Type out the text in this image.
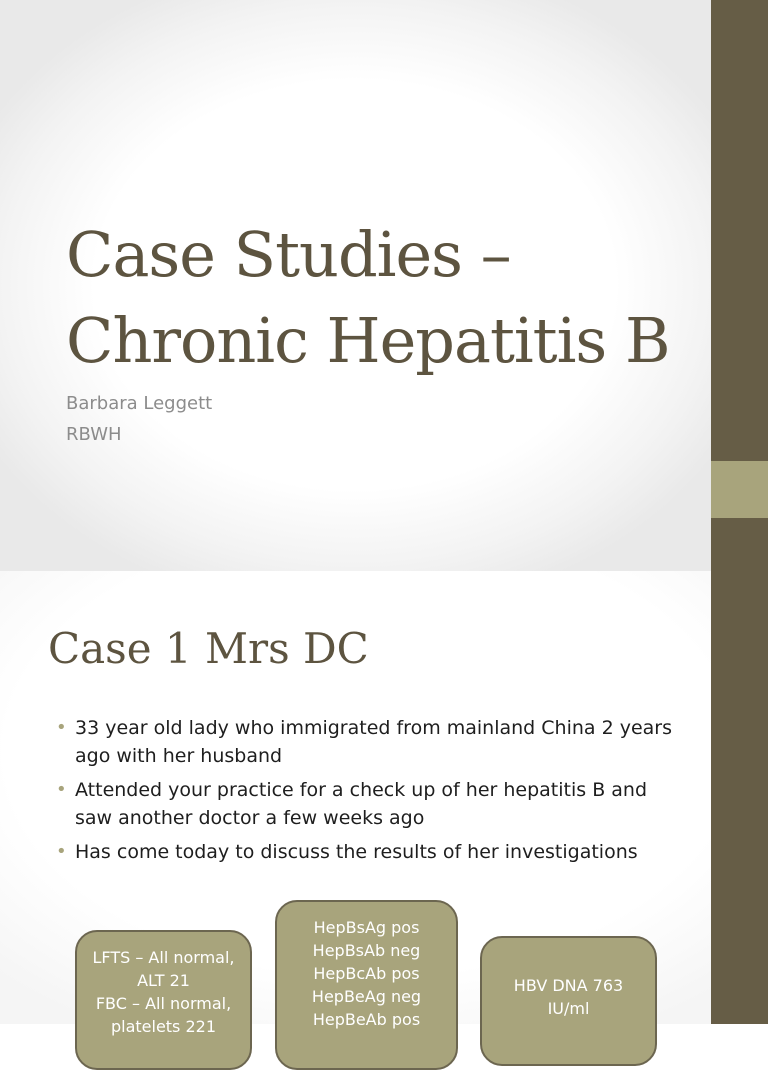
Case Studies –
Chronic Hepatitis B
Barbara Leggett
RBWH
Case 1 Mrs DC
• 33 year old lady who immigrated from mainland China 2 years ago with her husband
• Attended your practice for a check up of her hepatitis B and saw another doctor a few weeks ago
• Has come today to discuss the results of her investigations
LFTS – All normal,
ALT 21
FBC – All normal,
platelets 221
HepBsAg pos
HepBsAb neg
HepBcAb pos
HepBeAg neg
HepBeAb pos
HBV DNA 763
IU/ml
